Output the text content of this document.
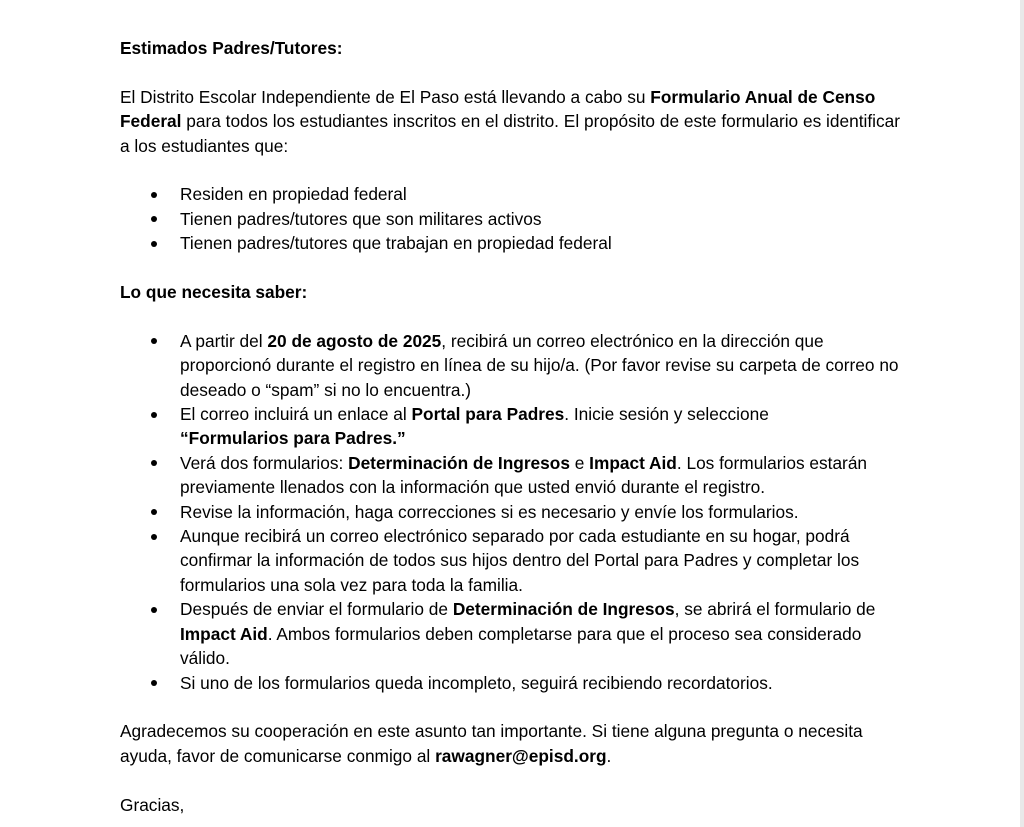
Estimados Padres/Tutores:

El Distrito Escolar Independiente de El Paso está llevando a cabo su Formulario Anual de Censo Federal para todos los estudiantes inscritos en el distrito. El propósito de este formulario es identificar a los estudiantes que:

Residen en propiedad federal
Tienen padres/tutores que son militares activos
Tienen padres/tutores que trabajan en propiedad federal

Lo que necesita saber:

A partir del 20 de agosto de 2025, recibirá un correo electrónico en la dirección que proporcionó durante el registro en línea de su hijo/a. (Por favor revise su carpeta de correo no deseado o “spam” si no lo encuentra.)
El correo incluirá un enlace al Portal para Padres. Inicie sesión y seleccione
“Formularios para Padres.”
Verá dos formularios: Determinación de Ingresos e Impact Aid. Los formularios estarán previamente llenados con la información que usted envió durante el registro.
Revise la información, haga correcciones si es necesario y envíe los formularios.
Aunque recibirá un correo electrónico separado por cada estudiante en su hogar, podrá confirmar la información de todos sus hijos dentro del Portal para Padres y completar los formularios una sola vez para toda la familia.
Después de enviar el formulario de Determinación de Ingresos, se abrirá el formulario de Impact Aid. Ambos formularios deben completarse para que el proceso sea considerado válido.
Si uno de los formularios queda incompleto, seguirá recibiendo recordatorios.

Agradecemos su cooperación en este asunto tan importante. Si tiene alguna pregunta o necesita ayuda, favor de comunicarse conmigo al rawagner@episd.org.

Gracias,
